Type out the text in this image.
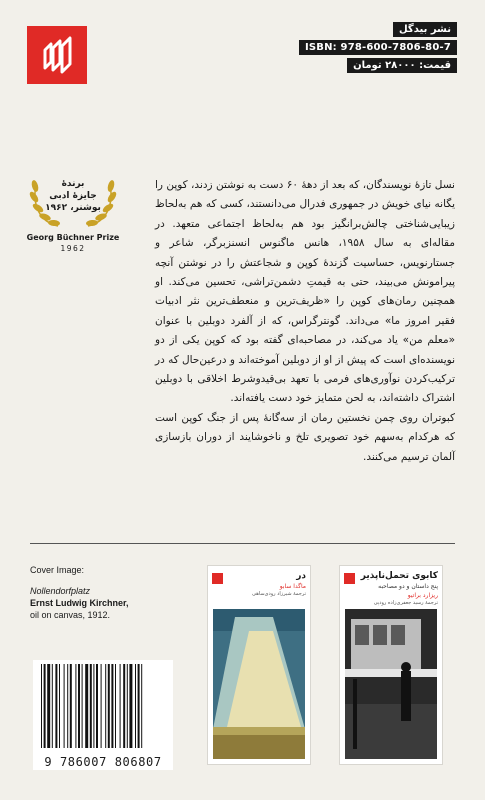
نشر بیدگل
ISBN: 978-600-7806-80-7
قیمت: ۲۸۰۰۰ تومان
برندهٔ
جایزهٔ ادبی
بوشنر، ۱۹۶۲
Georg Büchner Prize
1962

نسل تازهٔ نویسندگان، که بعد از دههٔ ۶۰ دست به نوشتن زدند، کوپن را یگانه نیای خویش در جمهوری فدرال می‌دانستند، کسی که هم به‌لحاظ زیبایی‌شناختی چالش‌برانگیز بود هم به‌لحاظ اجتماعی متعهد. در مقاله‌ای به سال ۱۹۵۸، هانس ماگنوس انسنزبرگر، شاعر و جستارنویس، حساسیت گزندهٔ کوپن و شجاعتش را در نوشتن آنچه پیرامونش می‌بیند، حتی به قیمتِ دشمن‌تراشی، تحسین می‌کند. او همچنین رمان‌های کوپن را «ظریف‌ترین و منعطف‌ترین نثر ادبیات فقیر امروز ما» می‌داند. گونترگراس، که از آلفرد دوبلین با عنوان «معلم من» یاد می‌کند، در مصاحبه‌ای گفته بود که کوپن یکی از دو نویسنده‌ای است که پیش از او از دوبلین آموخته‌اند و درعین‌حال که در ترکیب‌کردن نوآوری‌های فرمی با تعهد بی‌قیدوشرط اخلاقی با دوبلین اشتراک داشته‌اند، به لحن متمایز خود دست یافته‌اند.

کبوتران روی چمن نخستین رمان از سه‌گانهٔ پس از جنگ کوپن است که هرکدام به‌سهم خود تصویری تلخ و ناخوشایند از دوران بازسازی آلمان ترسیم می‌کنند.

Cover Image:
Nollendorfplatz
Ernst Ludwig Kirchner,
oil on canvas, 1912.
9 786007 806807
در
ماگدا سابو
ترجمهٔ شیرزاد رودی‌ساهی
کابوی تحمل‌ناپذیر
پنج داستان و دو مصاحبه
ریزارد براتیو
ترجمهٔ رسید جعفری‌زاده رودپی
